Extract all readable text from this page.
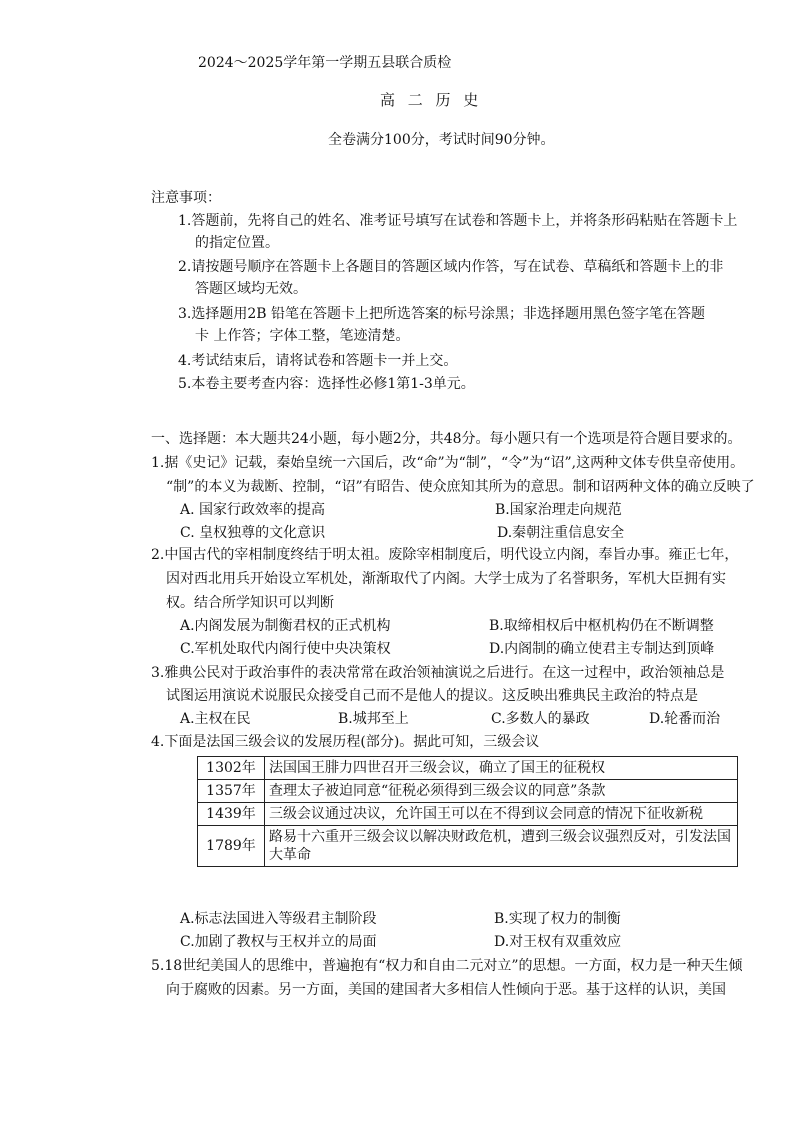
2024～2025学年第一学期五县联合质检
高 二 历 史
全卷满分100分，考试时间90分钟。
注意事项：
1.答题前，先将自己的姓名、准考证号填写在试卷和答题卡上，并将条形码粘贴在答题卡上
的指定位置。
2.请按题号顺序在答题卡上各题目的答题区域内作答，写在试卷、草稿纸和答题卡上的非
答题区域均无效。
3.选择题用2B 铅笔在答题卡上把所选答案的标号涂黑；非选择题用黑色签字笔在答题
卡 上作答；字体工整，笔迹清楚。
4.考试结束后，请将试卷和答题卡一并上交。
5.本卷主要考查内容：选择性必修1第1-3单元。
一、选择题：本大题共24小题，每小题2分，共48分。每小题只有一个选项是符合题目要求的。
1.据《史记》记载，秦始皇统一六国后，改“命”为“制”，“令”为“诏”,这两种文体专供皇帝使用。
“制”的本义为裁断、控制，“诏”有昭告、使众庶知其所为的意思。制和诏两种文体的确立反映了
A. 国家行政效率的提高	B.国家治理走向规范
C. 皇权独尊的文化意识	D.秦朝注重信息安全
2.中国古代的宰相制度终结于明太祖。废除宰相制度后，明代设立内阁，奉旨办事。雍正七年，
因对西北用兵开始设立军机处，渐渐取代了内阁。大学士成为了名誉职务，军机大臣拥有实
权。结合所学知识可以判断
A.内阁发展为制衡君权的正式机构	B.取缔相权后中枢机构仍在不断调整
C.军机处取代内阁行使中央决策权	D.内阁制的确立使君主专制达到顶峰
3.雅典公民对于政治事件的表决常常在政治领袖演说之后进行。在这一过程中，政治领袖总是
试图运用演说术说服民众接受自己而不是他人的提议。这反映出雅典民主政治的特点是
A.主权在民	B.城邦至上	C.多数人的暴政	D.轮番而治
4.下面是法国三级会议的发展历程(部分)。据此可知，三级会议
1302年	法国国王腓力四世召开三级会议，确立了国王的征税权
1357年	查理太子被迫同意“征税必须得到三级会议的同意”条款
1439年	三级会议通过决议，允许国王可以在不得到议会同意的情况下征收新税
1789年	路易十六重开三级会议以解决财政危机，遭到三级会议强烈反对，引发法国大革命
A.标志法国进入等级君主制阶段	B.实现了权力的制衡
C.加剧了教权与王权并立的局面	D.对王权有双重效应
5.18世纪美国人的思维中，普遍抱有“权力和自由二元对立”的思想。一方面，权力是一种天生倾
向于腐败的因素。另一方面，美国的建国者大多相信人性倾向于恶。基于这样的认识，美国
